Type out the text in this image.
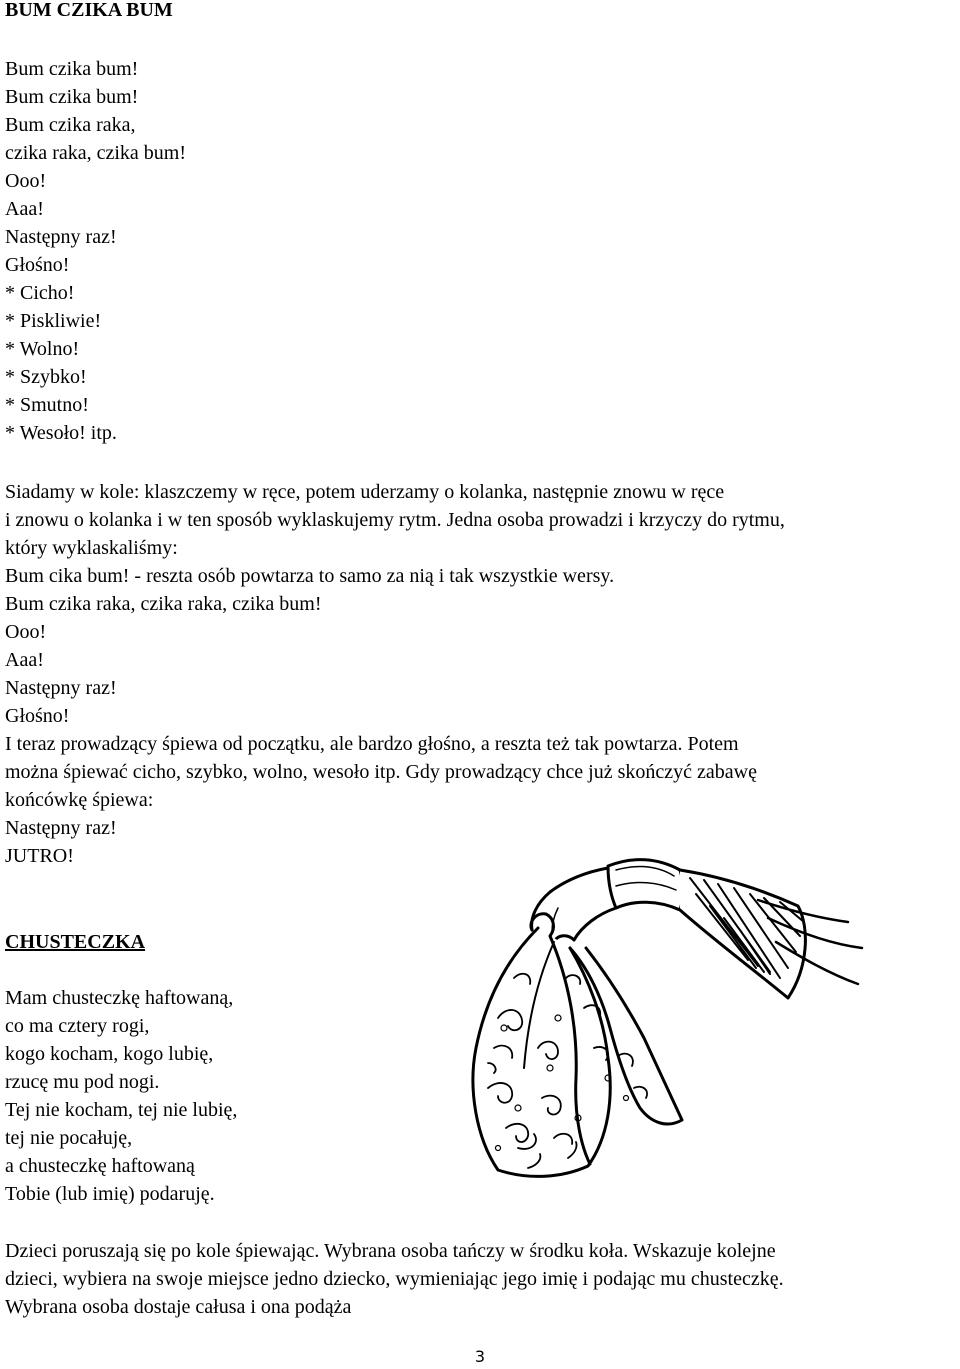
BUM CZIKA BUM
Bum czika bum!
Bum czika bum!
Bum czika raka,
czika raka, czika bum!
Ooo!
Aaa!
Następny raz!
Głośno!
* Cicho!
* Piskliwie!
* Wolno!
* Szybko!
* Smutno!
* Wesoło! itp.
Siadamy w kole: klaszczemy w ręce, potem uderzamy o kolanka, następnie znowu w ręce
i znowu o kolanka i w ten sposób wyklaskujemy rytm. Jedna osoba prowadzi i krzyczy do rytmu,
który wyklaskaliśmy:
Bum cika bum! - reszta osób powtarza to samo za nią i tak wszystkie wersy.
Bum czika raka, czika raka, czika bum!
Ooo!
Aaa!
Następny raz!
Głośno!
I teraz prowadzący śpiewa od początku, ale bardzo głośno, a reszta też tak powtarza. Potem
można śpiewać cicho, szybko, wolno, wesoło itp. Gdy prowadzący chce już skończyć zabawę
końcówkę śpiewa:
Następny raz!
JUTRO!
CHUSTECZKA
Mam chusteczkę haftowaną,
co ma cztery rogi,
kogo kocham, kogo lubię,
rzucę mu pod nogi.
Tej nie kocham, tej nie lubię,
tej nie pocałuję,
a chusteczkę haftowaną
Tobie (lub imię) podaruję.
Dzieci poruszają się po kole śpiewając. Wybrana osoba tańczy w środku koła. Wskazuje kolejne
dzieci, wybiera na swoje miejsce jedno dziecko, wymieniając jego imię i podając mu chusteczkę.
Wybrana osoba dostaje całusa i ona podąża
3
